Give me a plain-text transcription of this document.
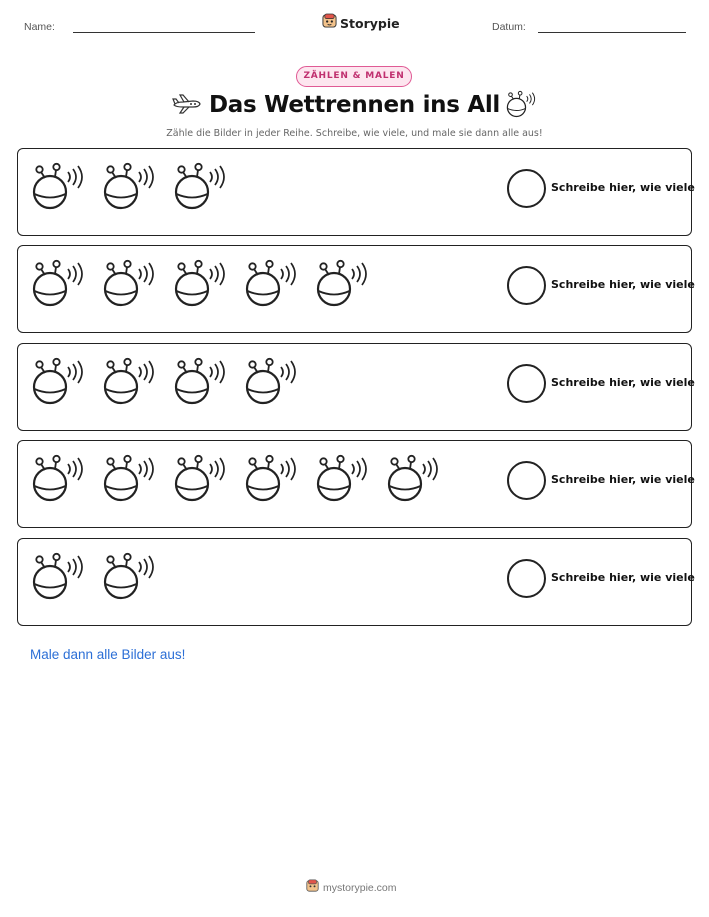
Name:	Storypie	Datum:
ZÄHLEN & MALEN
Das Wettrennen ins All
Zähle die Bilder in jeder Reihe. Schreibe, wie viele, und male sie dann alle aus!
Schreibe hier, wie viele
Schreibe hier, wie viele
Schreibe hier, wie viele
Schreibe hier, wie viele
Schreibe hier, wie viele
Male dann alle Bilder aus!
mystorypie.com
